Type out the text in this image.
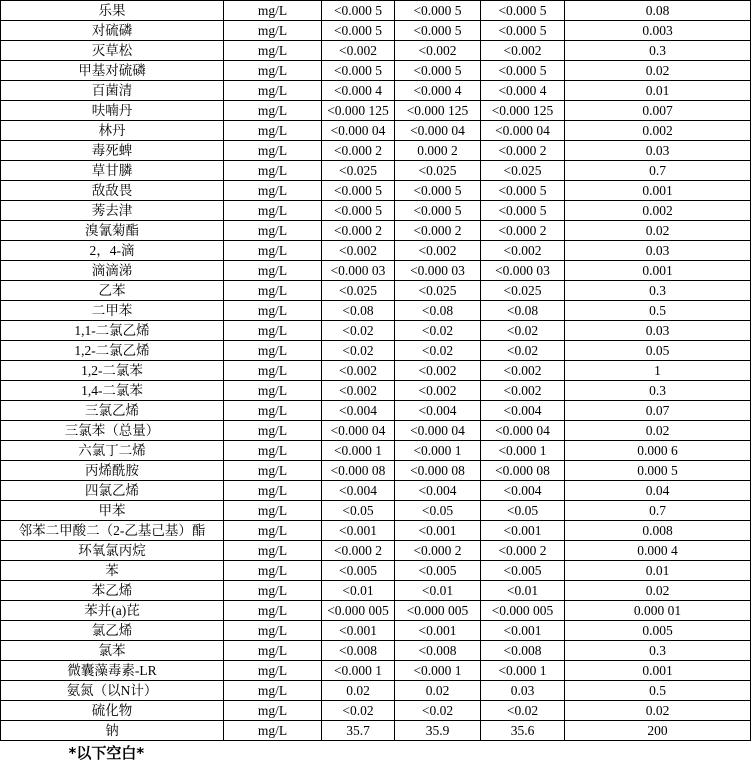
乐果	mg/L	<0.000 5	<0.000 5	<0.000 5	0.08
对硫磷	mg/L	<0.000 5	<0.000 5	<0.000 5	0.003
灭草松	mg/L	<0.002	<0.002	<0.002	0.3
甲基对硫磷	mg/L	<0.000 5	<0.000 5	<0.000 5	0.02
百菌清	mg/L	<0.000 4	<0.000 4	<0.000 4	0.01
呋喃丹	mg/L	<0.000 125	<0.000 125	<0.000 125	0.007
林丹	mg/L	<0.000 04	<0.000 04	<0.000 04	0.002
毒死蜱	mg/L	<0.000 2	0.000 2	<0.000 2	0.03
草甘膦	mg/L	<0.025	<0.025	<0.025	0.7
敌敌畏	mg/L	<0.000 5	<0.000 5	<0.000 5	0.001
莠去津	mg/L	<0.000 5	<0.000 5	<0.000 5	0.002
溴氰菊酯	mg/L	<0.000 2	<0.000 2	<0.000 2	0.02
2，4-滴	mg/L	<0.002	<0.002	<0.002	0.03
滴滴涕	mg/L	<0.000 03	<0.000 03	<0.000 03	0.001
乙苯	mg/L	<0.025	<0.025	<0.025	0.3
二甲苯	mg/L	<0.08	<0.08	<0.08	0.5
1,1-二氯乙烯	mg/L	<0.02	<0.02	<0.02	0.03
1,2-二氯乙烯	mg/L	<0.02	<0.02	<0.02	0.05
1,2-二氯苯	mg/L	<0.002	<0.002	<0.002	1
1,4-二氯苯	mg/L	<0.002	<0.002	<0.002	0.3
三氯乙烯	mg/L	<0.004	<0.004	<0.004	0.07
三氯苯（总量）	mg/L	<0.000 04	<0.000 04	<0.000 04	0.02
六氯丁二烯	mg/L	<0.000 1	<0.000 1	<0.000 1	0.000 6
丙烯酰胺	mg/L	<0.000 08	<0.000 08	<0.000 08	0.000 5
四氯乙烯	mg/L	<0.004	<0.004	<0.004	0.04
甲苯	mg/L	<0.05	<0.05	<0.05	0.7
邻苯二甲酸二（2-乙基己基）酯	mg/L	<0.001	<0.001	<0.001	0.008
环氧氯丙烷	mg/L	<0.000 2	<0.000 2	<0.000 2	0.000 4
苯	mg/L	<0.005	<0.005	<0.005	0.01
苯乙烯	mg/L	<0.01	<0.01	<0.01	0.02
苯并(a)芘	mg/L	<0.000 005	<0.000 005	<0.000 005	0.000 01
氯乙烯	mg/L	<0.001	<0.001	<0.001	0.005
氯苯	mg/L	<0.008	<0.008	<0.008	0.3
微囊藻毒素-LR	mg/L	<0.000 1	<0.000 1	<0.000 1	0.001
氨氮（以N计）	mg/L	0.02	0.02	0.03	0.5
硫化物	mg/L	<0.02	<0.02	<0.02	0.02
钠	mg/L	35.7	35.9	35.6	200
*以下空白*					
